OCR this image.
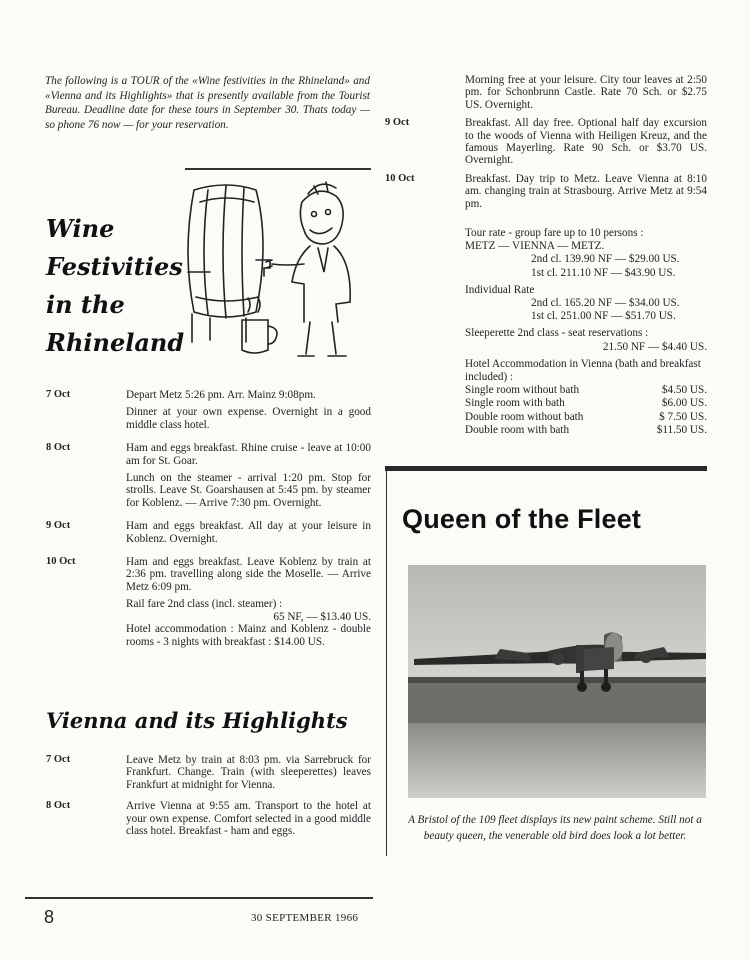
The following is a TOUR of the «Wine festivities in the Rhineland» and «Vienna and its Highlights» that is presently available from the Tourist Bureau. Deadline date for these tours in September 30. Thats today — so phone 76 now — for your reservation.

Wine
Festivities
in the
Rhineland
7 Oct	Depart Metz 5:26 pm. Arr. Mainz 9:08pm.

Dinner at your own expense. Overnight in a good middle class hotel.

8 Oct	Ham and eggs breakfast. Rhine cruise - leave at 10:00 am for St. Goar.

Lunch on the steamer - arrival 1:20 pm. Stop for strolls. Leave St. Goarshausen at 5:45 pm. by steamer for Koblenz. — Arrive 7:30 pm. Overnight.

9 Oct	Ham and eggs breakfast. All day at your leisure in Koblenz. Overnight.

10 Oct	Ham and eggs breakfast. Leave Koblenz by train at 2:36 pm. travelling along side the Moselle. — Arrive Metz 6:09 pm.

Rail fare 2nd class (incl. steamer) :

65 NF, — $13.40 US.

Hotel accommodation : Mainz and Koblenz - double rooms - 3 nights with breakfast : $14.00 US.

Vienna and its Highlights
7 Oct	Leave Metz by train at 8:03 pm. via Sarrebruck for Frankfurt. Change. Train (with sleeperettes) leaves Frankfurt at midnight for Vienna.
8 Oct	Arrive Vienna at 9:55 am. Transport to the hotel at your own expense. Comfort selected in a good middle class hotel. Breakfast - ham and eggs.
Morning free at your leisure. City tour leaves at 2:50 pm. for Schonbrunn Castle. Rate 70 Sch. or $2.75 US. Overnight.
9 Oct	Breakfast. All day free. Optional half day excursion to the woods of Vienna with Heiligen Kreuz, and the famous Mayerling. Rate 90 Sch. or $3.70 US. Overnight.
10 Oct	Breakfast. Day trip to Metz. Leave Vienna at 8:10 am. changing train at Strasbourg. Arrive Metz at 9:54 pm.
Tour rate - group fare up to 10 persons :
METZ — VIENNA — METZ.
2nd cl. 139.90 NF — $29.00 US.
1st cl. 211.10 NF — $43.90 US.
Individual Rate
2nd cl. 165.20 NF — $34.00 US.
1st cl. 251.00 NF — $51.70 US.
Sleeperette 2nd class - seat reservations :
21.50 NF — $4.40 US.
Hotel Accommodation in Vienna (bath and breakfast included) :
Single room without bath	$4.50 US.
Single room with bath	$6.00 US.
Double room without bath	$ 7.50 US.
Double room with bath	$11.50 US.
Queen of the Fleet
A Bristol of the 109 fleet displays its new paint scheme. Still not a beauty queen, the venerable old bird does look a lot better.
8	30 SEPTEMBER 1966
